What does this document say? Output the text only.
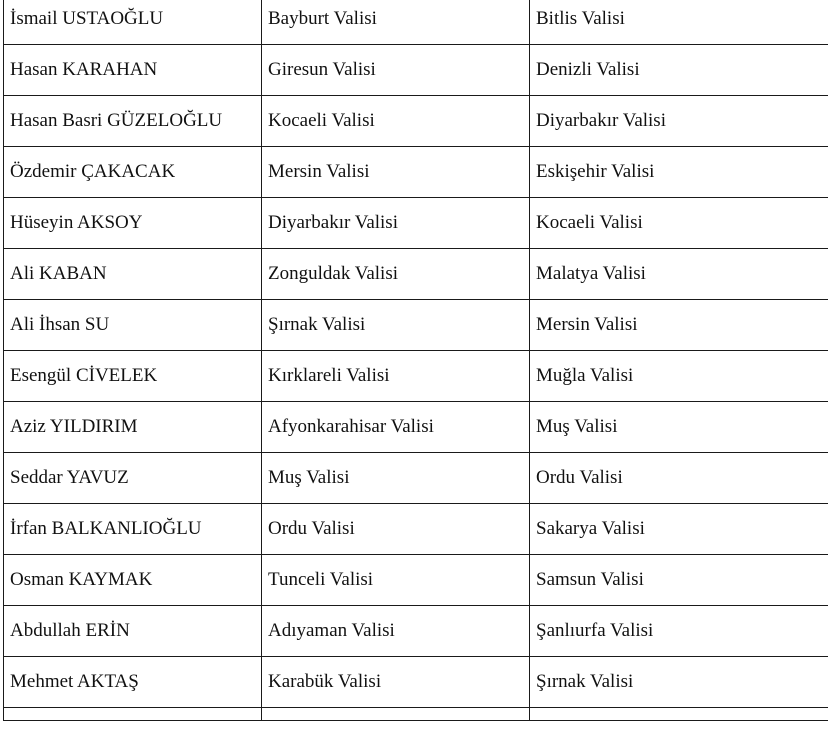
İsmail USTAOĞLU	Bayburt Valisi	Bitlis Valisi
Hasan KARAHAN	Giresun Valisi	Denizli Valisi
Hasan Basri GÜZELOĞLU	Kocaeli Valisi	Diyarbakır Valisi
Özdemir ÇAKACAK	Mersin Valisi	Eskişehir Valisi
Hüseyin AKSOY	Diyarbakır Valisi	Kocaeli Valisi
Ali KABAN	Zonguldak Valisi	Malatya Valisi
Ali İhsan SU	Şırnak Valisi	Mersin Valisi
Esengül CİVELEK	Kırklareli Valisi	Muğla Valisi
Aziz YILDIRIM	Afyonkarahisar Valisi	Muş Valisi
Seddar YAVUZ	Muş Valisi	Ordu Valisi
İrfan BALKANLIOĞLU	Ordu Valisi	Sakarya Valisi
Osman KAYMAK	Tunceli Valisi	Samsun Valisi
Abdullah ERİN	Adıyaman Valisi	Şanlıurfa Valisi
Mehmet AKTAŞ	Karabük Valisi	Şırnak Valisi
